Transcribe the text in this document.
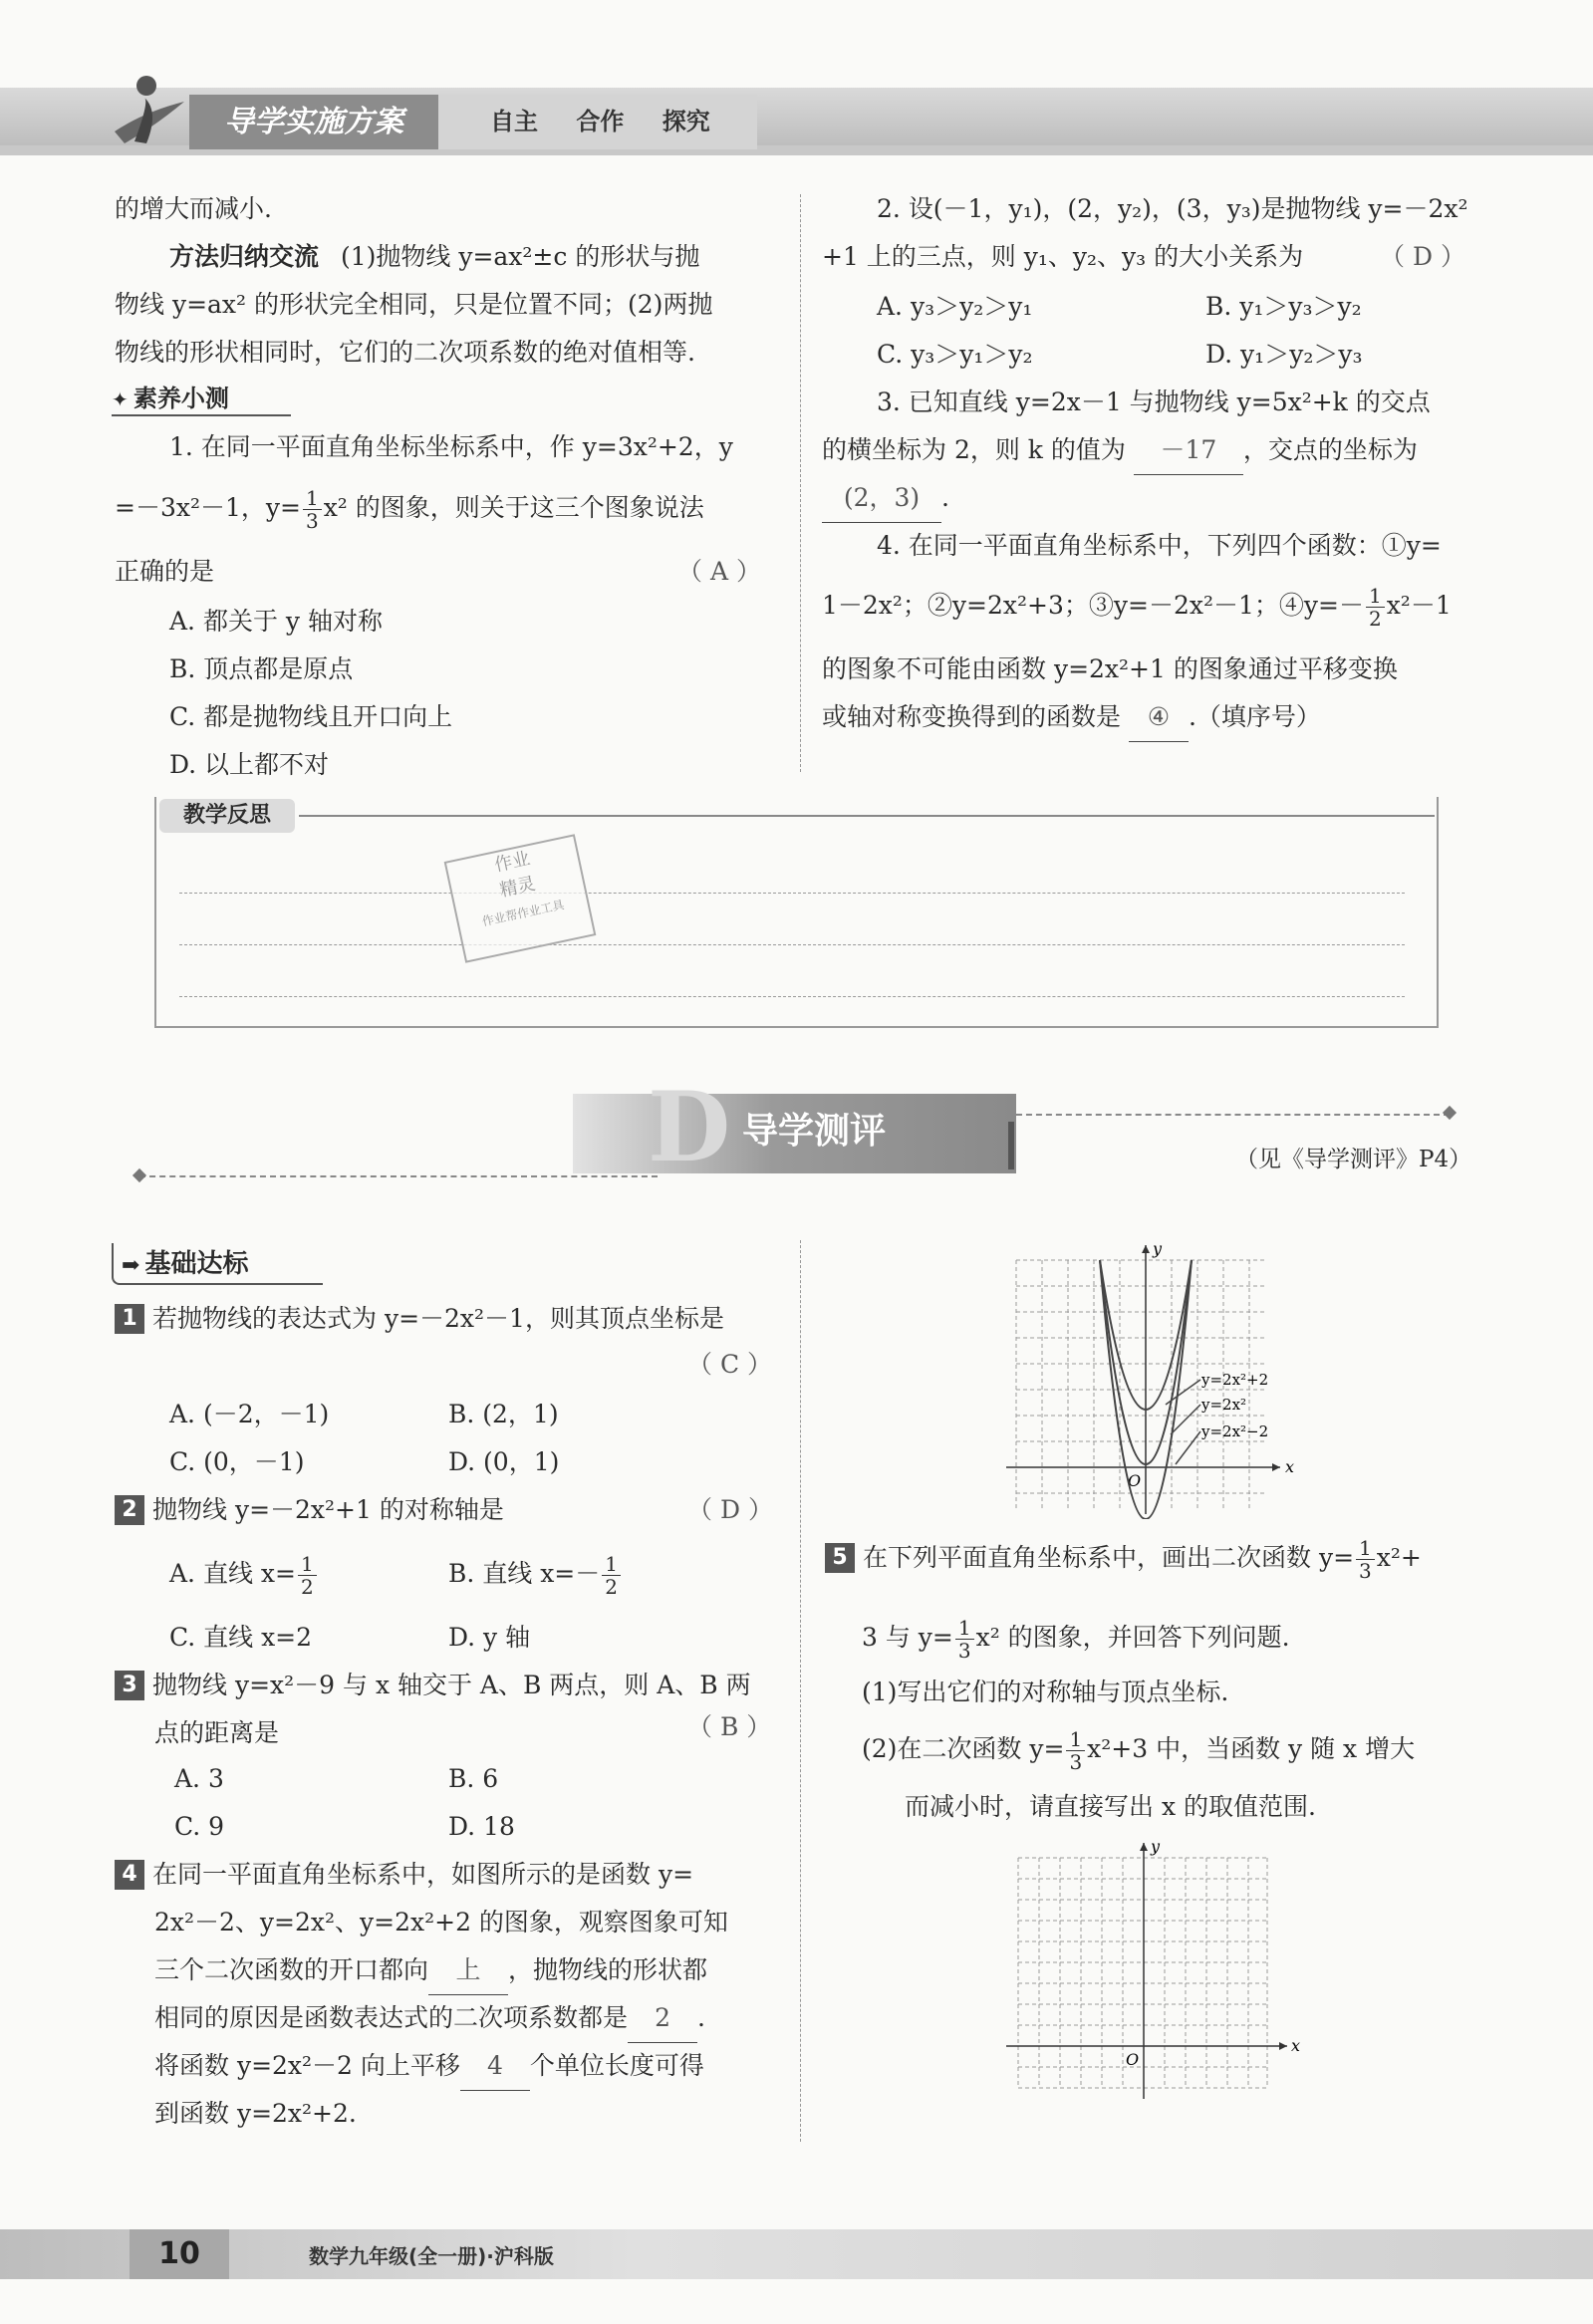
导学实施方案	自主 合作 探究
的增大而减小.
方法归纳交流 (1)抛物线 y=ax²±c 的形状与抛
物线 y=ax² 的形状完全相同，只是位置不同；(2)两抛
物线的形状相同时，它们的二次项系数的绝对值相等.
✦ 素养小测
1. 在同一平面直角坐标坐标系中，作 y=3x²+2，y
=－3x²－1，$y= \frac{1}{3} x^2$ 的图象，则关于这三个图象说法
正确的是	（ A ）
A. 都关于 y 轴对称
B. 顶点都是原点
C. 都是抛物线且开口向上
D. 以上都不对
2. 设(－1，y₁)，(2，y₂)，(3，y₃)是抛物线 y=－2x²
+1 上的三点，则 y₁、y₂、y₃ 的大小关系为	（ D ）
A. y₃＞y₂＞y₁	B. y₁＞y₃＞y₂
C. y₃＞y₁＞y₂	D. y₁＞y₂＞y₃
3. 已知直线 y=2x－1 与抛物线 y=5x²+k 的交点
的横坐标为 2，则 k 的值为 －17 ，交点的坐标为
(2，3) .
4. 在同一平面直角坐标系中，下列四个函数：①y=
1－2x²；②y=2x²+3；③y=－2x²－1；④y=－ $\frac{1}{2} x^2-1$
的图象不可能由函数 y=2x²+1 的图象通过平移变换
或轴对称变换得到的函数是 ④ .（填序号）
教学反思
作业
精灵
作业帮作业工具
D 导学测评
（见《导学测评》P4）
➡ 基础达标
1 若抛物线的表达式为 y=－2x²－1，则其顶点坐标是
（ C ）
A. (－2，－1)	B. (2，1)
C. (0，－1)	D. (0，1)
2 抛物线 y=－2x²+1 的对称轴是	（ D ）
A. 直线 $x= \frac{1}{2}$	B. 直线 $x=- \frac{1}{2}$
C. 直线 x=2	D. y 轴
3 抛物线 y=x²－9 与 x 轴交于 A、B 两点，则 A、B 两
点的距离是	（ B ）
A. 3	B. 6
C. 9	D. 18
4 在同一平面直角坐标系中，如图所示的是函数 y=
2x²－2、y=2x²、y=2x²+2 的图象，观察图象可知
三个二次函数的开口都向 上 ，抛物线的形状都
相同的原因是函数表达式的二次项系数都是 2 .
将函数 y=2x²－2 向上平移 4 个单位长度可得
到函数 y=2x²+2.
x
y
O
y=2x²+2
y=2x²
y=2x²−2
5 在下列平面直角坐标系中，画出二次函数 $y= \frac{1}{3} x^2+$
3 与 $y= \frac{1}{3} x^2$ 的图象，并回答下列问题.
(1)写出它们的对称轴与顶点坐标.
(2)在二次函数 $y= \frac{1}{3} x^2+3$ 中，当函数 y 随 x 增大
而减小时，请直接写出 x 的取值范围.
x
y
O
10	数学九年级(全一册)·沪科版
